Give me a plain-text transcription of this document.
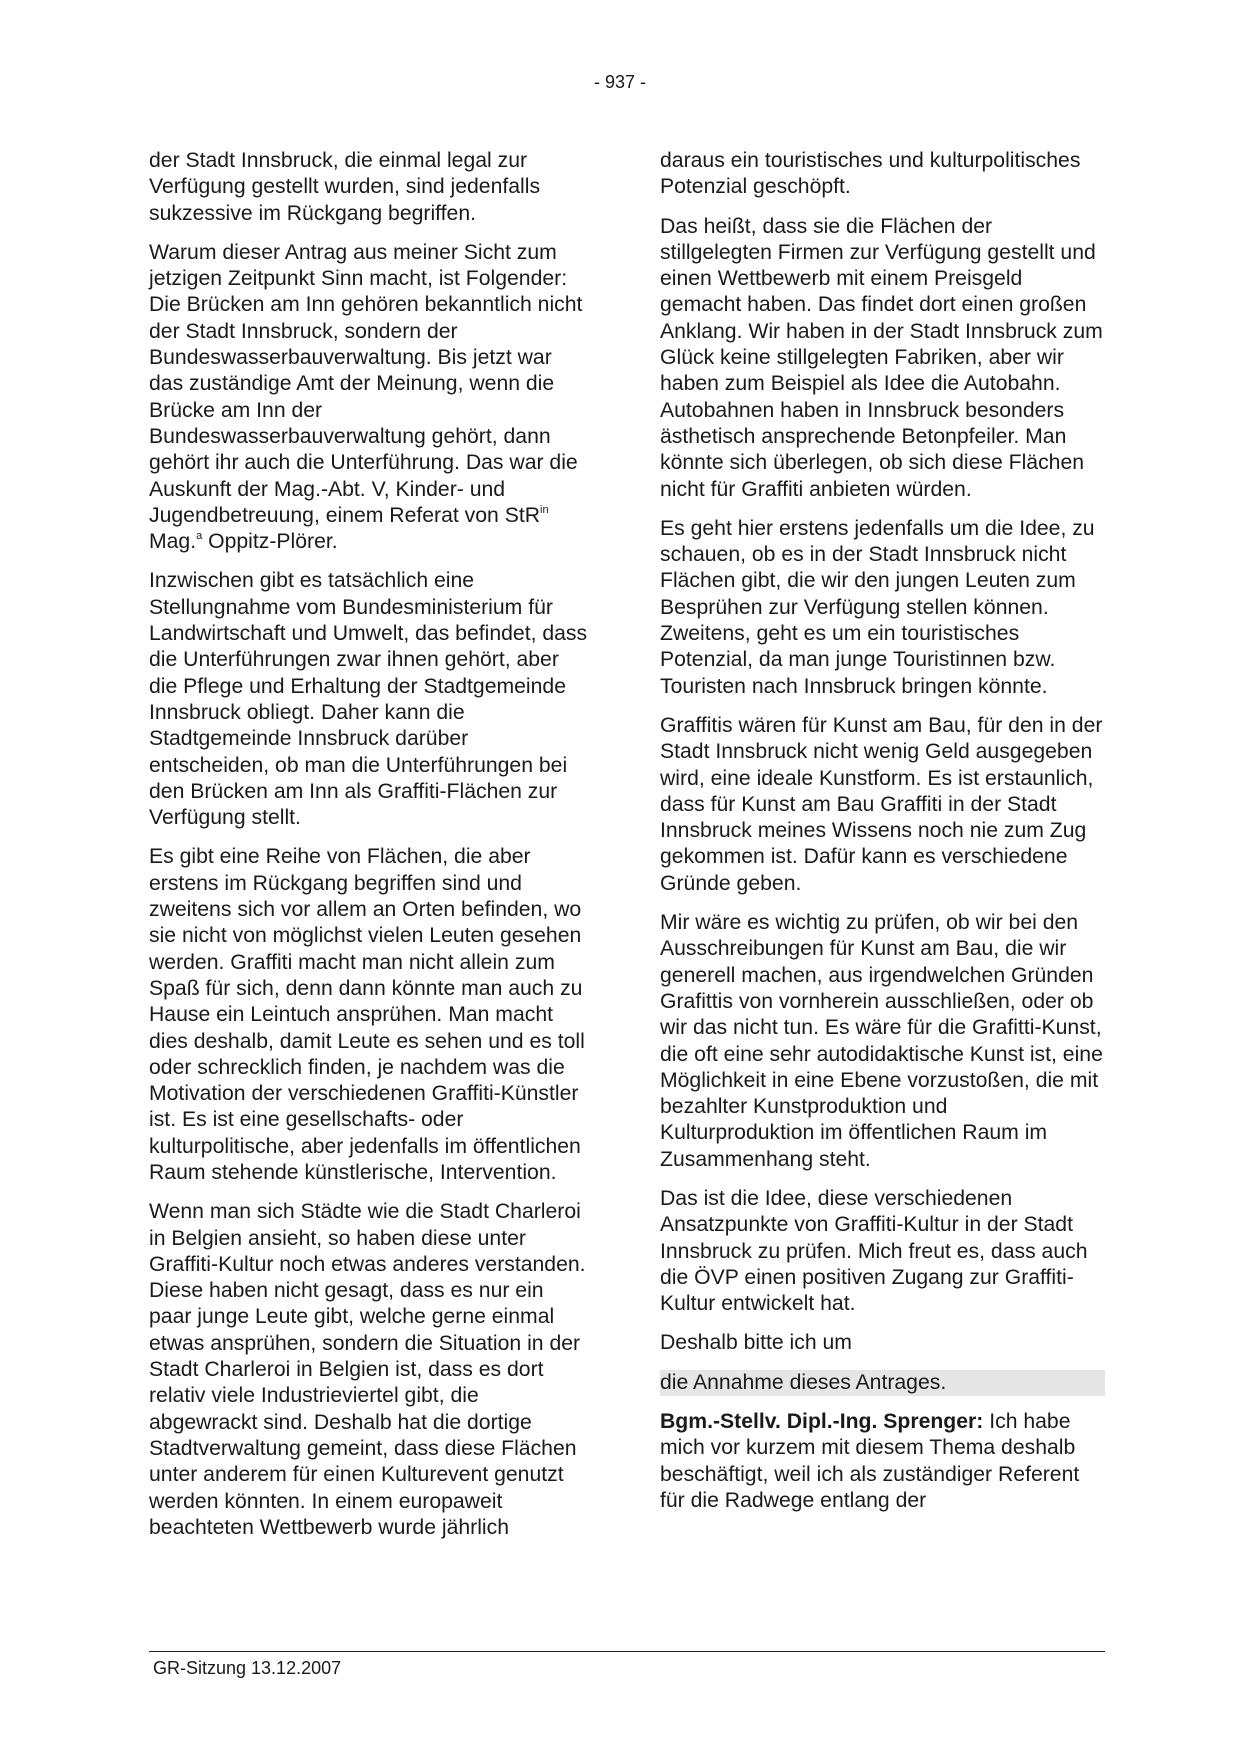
- 937 -

der Stadt Innsbruck, die einmal legal zur Verfügung gestellt wurden, sind jedenfalls sukzessive im Rückgang begriffen.

Warum dieser Antrag aus meiner Sicht zum jetzigen Zeitpunkt Sinn macht, ist Folgender: Die Brücken am Inn gehören bekanntlich nicht der Stadt Innsbruck, sondern der Bundeswasserbauverwaltung. Bis jetzt war das zuständige Amt der Meinung, wenn die Brücke am Inn der Bundeswasserbauverwaltung gehört, dann gehört ihr auch die Unterführung. Das war die Auskunft der Mag.-Abt. V, Kinder- und Jugendbetreuung, einem Referat von StR$^{in}$ Mag.$^a$ Oppitz-Plörer.

Inzwischen gibt es tatsächlich eine Stellungnahme vom Bundesministerium für Landwirtschaft und Umwelt, das befindet, dass die Unterführungen zwar ihnen gehört, aber die Pflege und Erhaltung der Stadtgemeinde Innsbruck obliegt. Daher kann die Stadtgemeinde Innsbruck darüber entscheiden, ob man die Unterführungen bei den Brücken am Inn als Graffiti-Flächen zur Verfügung stellt.

Es gibt eine Reihe von Flächen, die aber erstens im Rückgang begriffen sind und zweitens sich vor allem an Orten befinden, wo sie nicht von möglichst vielen Leuten gesehen werden. Graffiti macht man nicht allein zum Spaß für sich, denn dann könnte man auch zu Hause ein Leintuch ansprühen. Man macht dies deshalb, damit Leute es sehen und es toll oder schrecklich finden, je nachdem was die Motivation der verschiedenen Graffiti-Künstler ist. Es ist eine gesellschafts- oder kulturpolitische, aber jedenfalls im öffentlichen Raum stehende künstlerische, Intervention.

Wenn man sich Städte wie die Stadt Charleroi in Belgien ansieht, so haben diese unter Graffiti-Kultur noch etwas anderes verstanden. Diese haben nicht gesagt, dass es nur ein paar junge Leute gibt, welche gerne einmal etwas ansprühen, sondern die Situation in der Stadt Charleroi in Belgien ist, dass es dort relativ viele Industrieviertel gibt, die abgewrackt sind. Deshalb hat die dortige Stadtverwaltung gemeint, dass diese Flächen unter anderem für einen Kulturevent genutzt werden könnten. In einem europaweit beachteten Wettbewerb wurde jährlich

daraus ein touristisches und kulturpolitisches Potenzial geschöpft.

Das heißt, dass sie die Flächen der stillgelegten Firmen zur Verfügung gestellt und einen Wettbewerb mit einem Preisgeld gemacht haben. Das findet dort einen großen Anklang. Wir haben in der Stadt Innsbruck zum Glück keine stillgelegten Fabriken, aber wir haben zum Beispiel als Idee die Autobahn. Autobahnen haben in Innsbruck besonders ästhetisch ansprechende Betonpfeiler. Man könnte sich überlegen, ob sich diese Flächen nicht für Graffiti anbieten würden.

Es geht hier erstens jedenfalls um die Idee, zu schauen, ob es in der Stadt Innsbruck nicht Flächen gibt, die wir den jungen Leuten zum Besprühen zur Verfügung stellen können. Zweitens, geht es um ein touristisches Potenzial, da man junge Touristinnen bzw. Touristen nach Innsbruck bringen könnte.

Graffitis wären für Kunst am Bau, für den in der Stadt Innsbruck nicht wenig Geld ausgegeben wird, eine ideale Kunstform. Es ist erstaunlich, dass für Kunst am Bau Graffiti in der Stadt Innsbruck meines Wissens noch nie zum Zug gekommen ist. Dafür kann es verschiedene Gründe geben.

Mir wäre es wichtig zu prüfen, ob wir bei den Ausschreibungen für Kunst am Bau, die wir generell machen, aus irgendwelchen Gründen Grafittis von vornherein ausschließen, oder ob wir das nicht tun. Es wäre für die Grafitti-Kunst, die oft eine sehr autodidaktische Kunst ist, eine Möglichkeit in eine Ebene vorzustoßen, die mit bezahlter Kunstproduktion und Kulturproduktion im öffentlichen Raum im Zusammenhang steht.

Das ist die Idee, diese verschiedenen Ansatzpunkte von Graffiti-Kultur in der Stadt Innsbruck zu prüfen. Mich freut es, dass auch die ÖVP einen positiven Zugang zur Graffiti-Kultur entwickelt hat.

Deshalb bitte ich um

die Annahme dieses Antrages.

Bgm.-Stellv. Dipl.-Ing. Sprenger: Ich habe mich vor kurzem mit diesem Thema deshalb beschäftigt, weil ich als zuständiger Referent für die Radwege entlang der

GR-Sitzung 13.12.2007
